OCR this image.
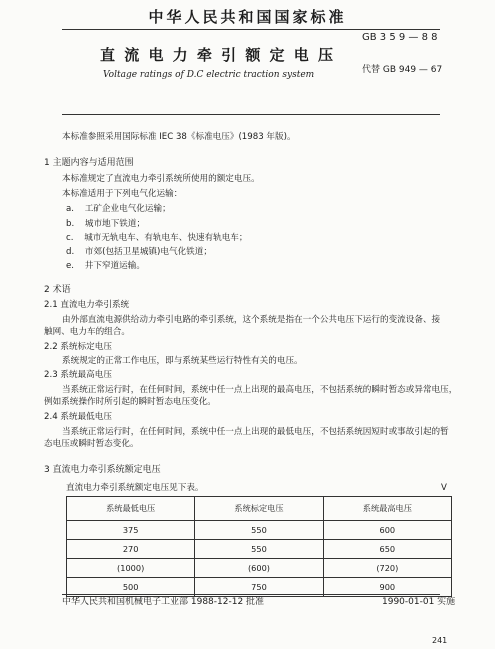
中华人民共和国国家标准
GB 3 5 9 — 8 8
直 流 电 力 牵 引 额 定 电 压
Voltage ratings of D.C electric traction system	代替 GB 949 — 67
本标准参照采用国际标准 IEC 38《标准电压》(1983 年版)。
1 主题内容与适用范围
本标准规定了直流电力牵引系统所使用的额定电压。
本标准适用于下列电气化运输：
a. 工矿企业电气化运输；
b. 城市地下铁道；
c. 城市无轨电车、有轨电车、快速有轨电车；
d. 市郊(包括卫星城镇)电气化铁道；
e. 井下窄道运输。
2 术语
2.1 直流电力牵引系统
由外部直流电源供给动力牵引电路的牵引系统，这个系统是指在一个公共电压下运行的变流设备、接
触网、电力车的组合。
2.2 系统标定电压
系统规定的正常工作电压，即与系统某些运行特性有关的电压。
2.3 系统最高电压
当系统正常运行时，在任何时间，系统中任一点上出现的最高电压，不包括系统的瞬时暂态或异常电压，
例如系统操作时所引起的瞬时暂态电压变化。
2.4 系统最低电压
当系统正常运行时，在任何时间，系统中任一点上出现的最低电压，不包括系统因短时或事故引起的暂
态电压或瞬时暂态变化。
3 直流电力牵引系统额定电压
直流电力牵引系统额定电压见下表。	V
系统最低电压	系统标定电压	系统最高电压
375	550	600
270	550	650
(1000)	(600)	(720)
500	750	900
中华人民共和国机械电子工业部 1988-12-12 批准	1990-01-01 实施
241
